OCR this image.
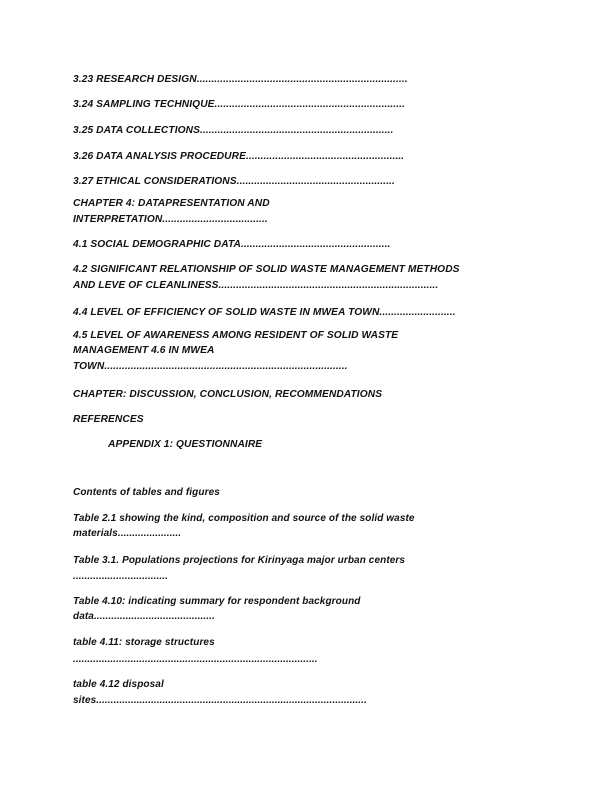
3.23 RESEARCH DESIGN........................................................................
3.24 SAMPLING TECHNIQUE.................................................................
3.25 DATA COLLECTIONS..................................................................
3.26 DATA ANALYSIS PROCEDURE......................................................
3.27 ETHICAL CONSIDERATIONS......................................................
CHAPTER 4: DATAPRESENTATION AND
INTERPRETATION....................................
4.1 SOCIAL DEMOGRAPHIC DATA...................................................
4.2 SIGNIFICANT RELATIONSHIP OF SOLID WASTE MANAGEMENT METHODS
AND LEVE OF CLEANLINESS...........................................................................
4.4 LEVEL OF EFFICIENCY OF SOLID WASTE IN MWEA TOWN..........................
4.5 LEVEL OF AWARENESS AMONG RESIDENT OF SOLID WASTE
MANAGEMENT 4.6 IN MWEA
TOWN...................................................................................
CHAPTER: DISCUSSION, CONCLUSION, RECOMMENDATIONS
REFERENCES
APPENDIX 1: QUESTIONNAIRE
Contents of tables and figures
Table 2.1 showing the kind, composition and source of the solid waste
materials......................
Table 3.1. Populations projections for Kirinyaga major urban centers
.................................
Table 4.10: indicating summary for respondent background
data..........................................
table 4.11: storage structures
.....................................................................................
table 4.12 disposal
sites..............................................................................................
